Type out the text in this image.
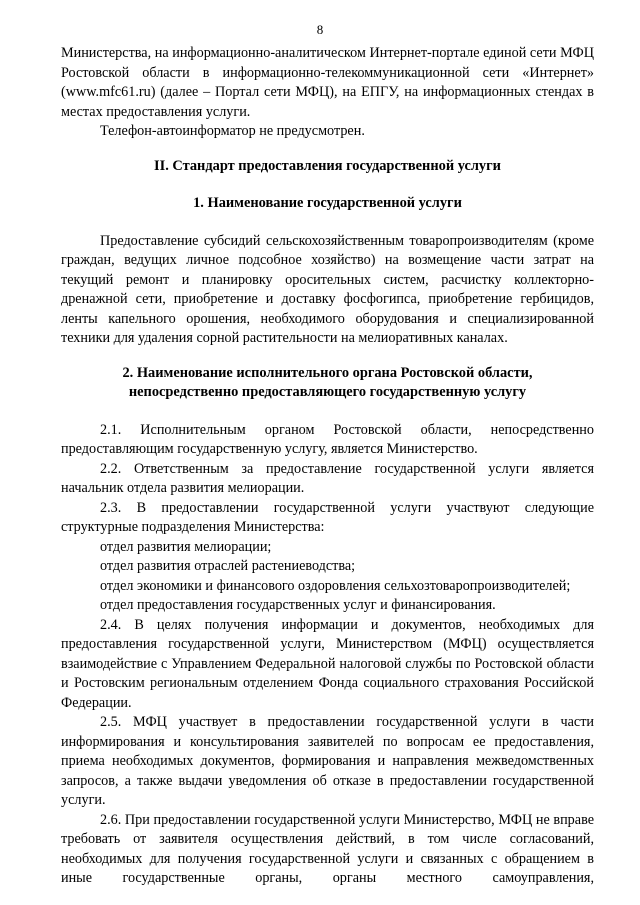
8

Министерства, на информационно-аналитическом Интернет-портале единой сети МФЦ Ростовской области в информационно-телекоммуникационной сети «Интернет» (www.mfc61.ru) (далее – Портал сети МФЦ), на ЕПГУ, на информационных стендах в местах предоставления услуги.

Телефон-автоинформатор не предусмотрен.

II. Стандарт предоставления государственной услуги
1. Наименование государственной услуги

Предоставление субсидий сельскохозяйственным товаропроизводителям (кроме граждан, ведущих личное подсобное хозяйство) на возмещение части затрат на текущий ремонт и планировку оросительных систем, расчистку коллекторно-дренажной сети, приобретение и доставку фосфогипса, приобретение гербицидов, ленты капельного орошения, необходимого оборудования и специализированной техники для удаления сорной растительности на мелиоративных каналах.

2. Наименование исполнительного органа Ростовской области,
непосредственно предоставляющего государственную услугу

2.1. Исполнительным органом Ростовской области, непосредственно предоставляющим государственную услугу, является Министерство.

2.2. Ответственным за предоставление государственной услуги является начальник отдела развития мелиорации.

2.3. В предоставлении государственной услуги участвуют следующие структурные подразделения Министерства:

отдел развития мелиорации;

отдел развития отраслей растениеводства;

отдел экономики и финансового оздоровления сельхозтоваропроизводителей;

отдел предоставления государственных услуг и финансирования.

2.4. В целях получения информации и документов, необходимых для предоставления государственной услуги, Министерством (МФЦ) осуществляется взаимодействие с Управлением Федеральной налоговой службы по Ростовской области и Ростовским региональным отделением Фонда социального страхования Российской Федерации.

2.5. МФЦ участвует в предоставлении государственной услуги в части информирования и консультирования заявителей по вопросам ее предоставления, приема необходимых документов, формирования и направления межведомственных запросов, а также выдачи уведомления об отказе в предоставлении государственной услуги.

2.6. При предоставлении государственной услуги Министерство, МФЦ не вправе требовать от заявителя осуществления действий, в том числе согласований, необходимых для получения государственной услуги и связанных с обращением в иные государственные органы, органы местного самоуправления,
